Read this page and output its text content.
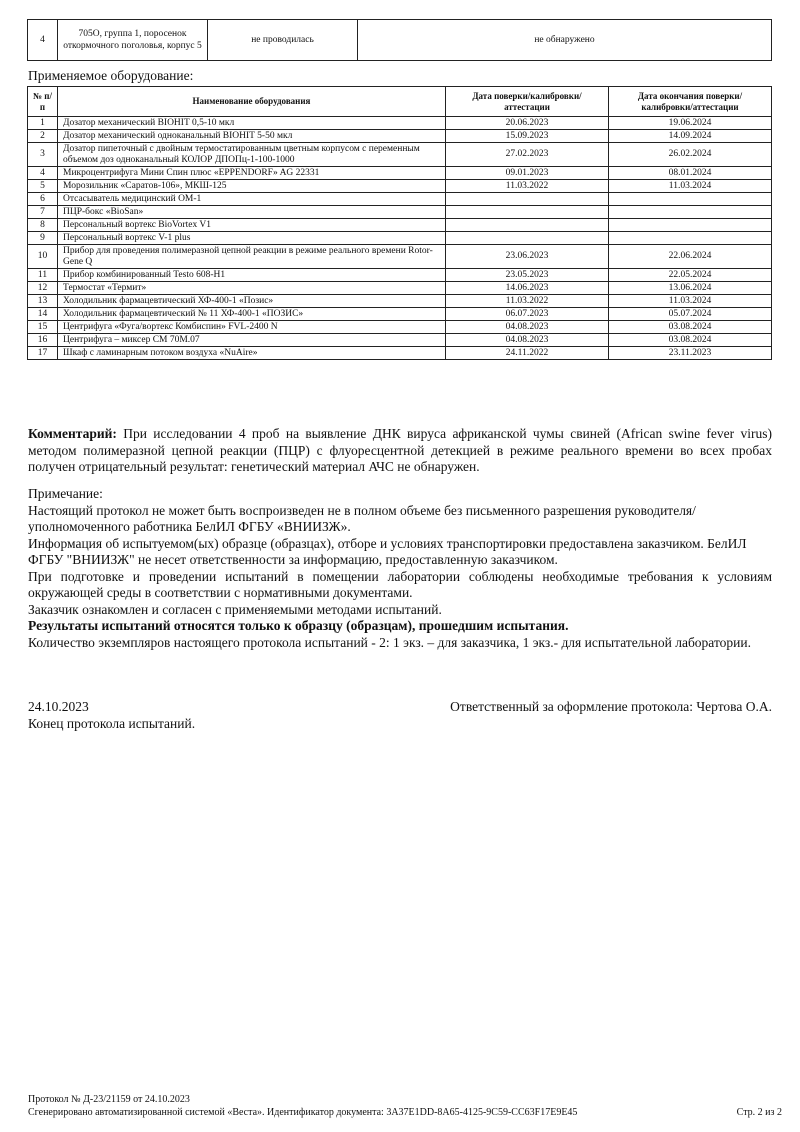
4	705О, группа 1, поросенок откормочного поголовья, корпус 5	не проводилась	не обнаружено
Применяемое оборудование:
№ п/п	Наименование оборудования	Дата поверки/калибровки/аттестации	Дата окончания поверки/калибровки/аттестации
1	Дозатор механический BIOHIT 0,5-10 мкл	20.06.2023	19.06.2024
2	Дозатор механический одноканальный BIOHIT 5-50 мкл	15.09.2023	14.09.2024
3	Дозатор пипеточный с двойным термостатированным цветным корпусом с переменным объемом доз одноканальный КОЛОР ДПОПц-1-100-1000	27.02.2023	26.02.2024
4	Микроцентрифуга Мини Спин плюс «EPPENDORF» AG 22331	09.01.2023	08.01.2024
5	Морозильник «Саратов-106», МКШ-125	11.03.2022	11.03.2024
6	Отсасыватель медицинский ОМ-1		
7	ПЦР-бокс «BioSan»		
8	Персональный вортекс BioVortex V1		
9	Персональный вортекс V-1 plus		
10	Прибор для проведения полимеразной цепной реакции в режиме реального времени Rotor-Gene Q	23.06.2023	22.06.2024
11	Прибор комбинированный Testo 608-H1	23.05.2023	22.05.2024
12	Термостат «Термит»	14.06.2023	13.06.2024
13	Холодильник фармацевтический ХФ-400-1 «Позис»	11.03.2022	11.03.2024
14	Холодильник фармацевтический № 11 ХФ-400-1 «ПОЗИС»	06.07.2023	05.07.2024
15	Центрифуга «Фуга/вортекс Комбиспин» FVL-2400 N	04.08.2023	03.08.2024
16	Центрифуга – миксер СМ 70М.07	04.08.2023	03.08.2024
17	Шкаф с ламинарным потоком воздуха «NuAire»	24.11.2022	23.11.2023
Комментарий: При исследовании 4 проб на выявление ДНК вируса африканской чумы свиней (African swine fever virus) методом полимеразной цепной реакции (ПЦР) с флуоресцентной детекцией в режиме реального времени во всех пробах получен отрицательный результат: генетический материал АЧС не обнаружен.

Примечание:

Настоящий протокол не может быть воспроизведен не в полном объеме без письменного разрешения руководителя/уполномоченного работника БелИЛ ФГБУ «ВНИИЗЖ».

Информация об испытуемом(ых) образце (образцах), отборе и условиях транспортировки предоставлена заказчиком. БелИЛ ФГБУ "ВНИИЗЖ" не несет ответственности за информацию, предоставленную заказчиком.

При подготовке и проведении испытаний в помещении лаборатории соблюдены необходимые требования к условиям окружающей среды в соответствии с нормативными документами.

Заказчик ознакомлен и согласен с применяемыми методами испытаний.

Результаты испытаний относятся только к образцу (образцам), прошедшим испытания.

Количество экземпляров настоящего протокола испытаний - 2: 1 экз. – для заказчика, 1 экз.- для испытательной лаборатории.

24.10.2023	Ответственный за оформление протокола: Чертова О.А.
Конец протокола испытаний.
Протокол № Д-23/21159 от 24.10.2023
Сгенерировано автоматизированной системой «Веста». Идентификатор документа: 3A37E1DD-8A65-4125-9C59-CC63F17E9E45	Стр. 2 из 2
